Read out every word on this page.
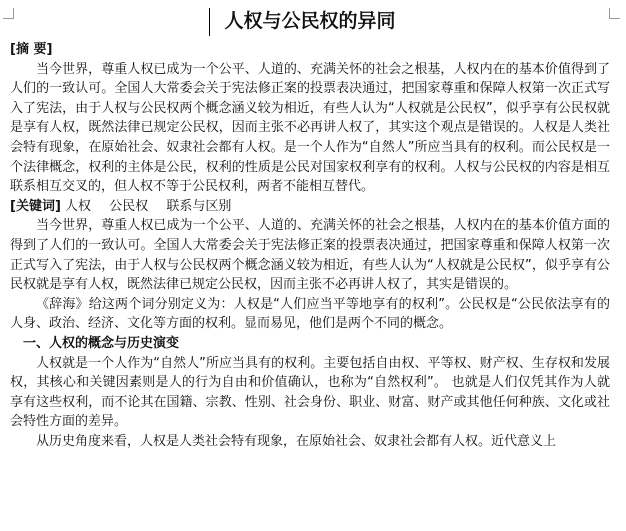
人权与公民权的异同

[摘 要]

当今世界，尊重人权已成为一个公平、人道的、充满关怀的社会之根基，人权内在的基本价值得到了人们的一致认可。全国人大常委会关于宪法修正案的投票表决通过，把国家尊重和保障人权第一次正式写入了宪法，由于人权与公民权两个概念涵义较为相近，有些人认为“人权就是公民权”，似乎享有公民权就是享有人权，既然法律已规定公民权，因而主张不必再讲人权了，其实这个观点是错误的。人权是人类社会特有现象，在原始社会、奴隶社会都有人权。是一个人作为“自然人”所应当具有的权利。而公民权是一个法律概念，权利的主体是公民，权利的性质是公民对国家权利享有的权利。人权与公民权的内容是相互联系相互交叉的，但人权不等于公民权利，两者不能相互替代。

[关键词] 人权 公民权 联系与区别

当今世界，尊重人权已成为一个公平、人道的、充满关怀的社会之根基，人权内在的基本价值方面的得到了人们的一致认可。全国人大常委会关于宪法修正案的投票表决通过，把国家尊重和保障人权第一次正式写入了宪法，由于人权与公民权两个概念涵义较为相近，有些人认为“人权就是公民权”，似乎享有公民权就是享有人权，既然法律已规定公民权，因而主张不必再讲人权了，其实是错误的。

《辞海》给这两个词分别定义为：人权是“人们应当平等地享有的权利”。公民权是“公民依法享有的人身、政治、经济、文化等方面的权利。显而易见，他们是两个不同的概念。

一、人权的概念与历史演变

人权就是一个人作为“自然人”所应当具有的权利。主要包括自由权、平等权、财产权、生存权和发展权，其核心和关键因素则是人的行为自由和价值确认，也称为“自然权利”。 也就是人们仅凭其作为人就享有这些权利，而不论其在国籍、宗教、性别、社会身份、职业、财富、财产或其他任何种族、文化或社会特性方面的差异。

从历史角度来看，人权是人类社会特有现象，在原始社会、奴隶社会都有人权。近代意义上
